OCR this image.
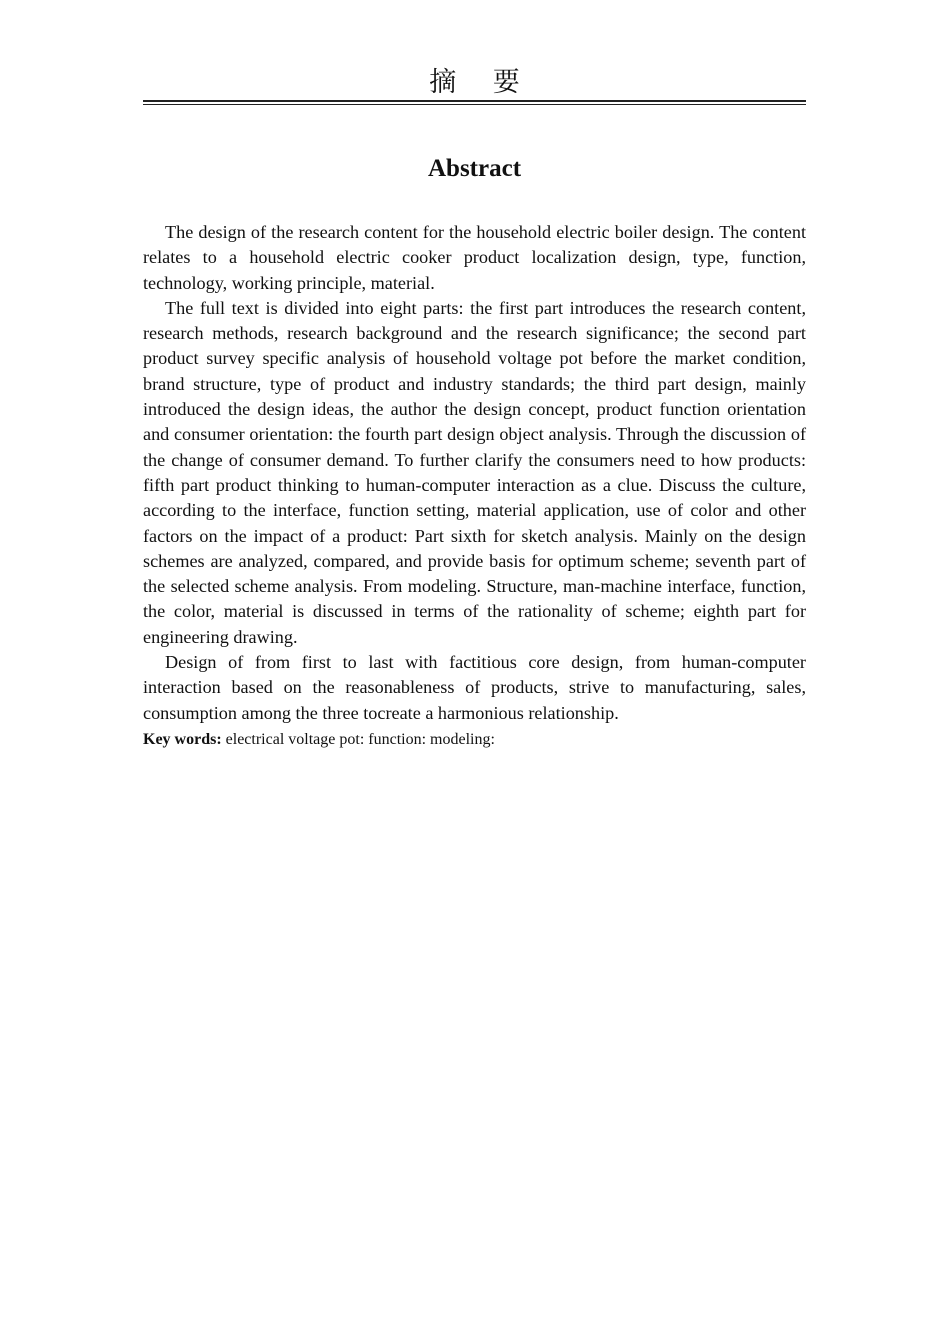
摘 要
Abstract

The design of the research content for the household electric boiler design. The content relates to a household electric cooker product localization design, type, function, technology, working principle, material.

The full text is divided into eight parts: the first part introduces the research content, research methods, research background and the research significance; the second part product survey specific analysis of household voltage pot before the market condition, brand structure, type of product and industry standards; the third part design, mainly introduced the design ideas, the author the design concept, product function orientation and consumer orientation: the fourth part design object analysis. Through the discussion of the change of consumer demand. To further clarify the consumers need to how products: fifth part product thinking to human-computer interaction as a clue. Discuss the culture, according to the interface, function setting, material application, use of color and other factors on the impact of a product: Part sixth for sketch analysis. Mainly on the design schemes are analyzed, compared, and provide basis for optimum scheme; seventh part of the selected scheme analysis. From modeling. Structure, man-machine interface, function, the color, material is discussed in terms of the rationality of scheme; eighth part for engineering drawing.

Design of from first to last with factitious core design, from human-computer interaction based on the reasonableness of products, strive to manufacturing, sales, consumption among the three tocreate a harmonious relationship.

Key words: electrical voltage pot: function: modeling:
